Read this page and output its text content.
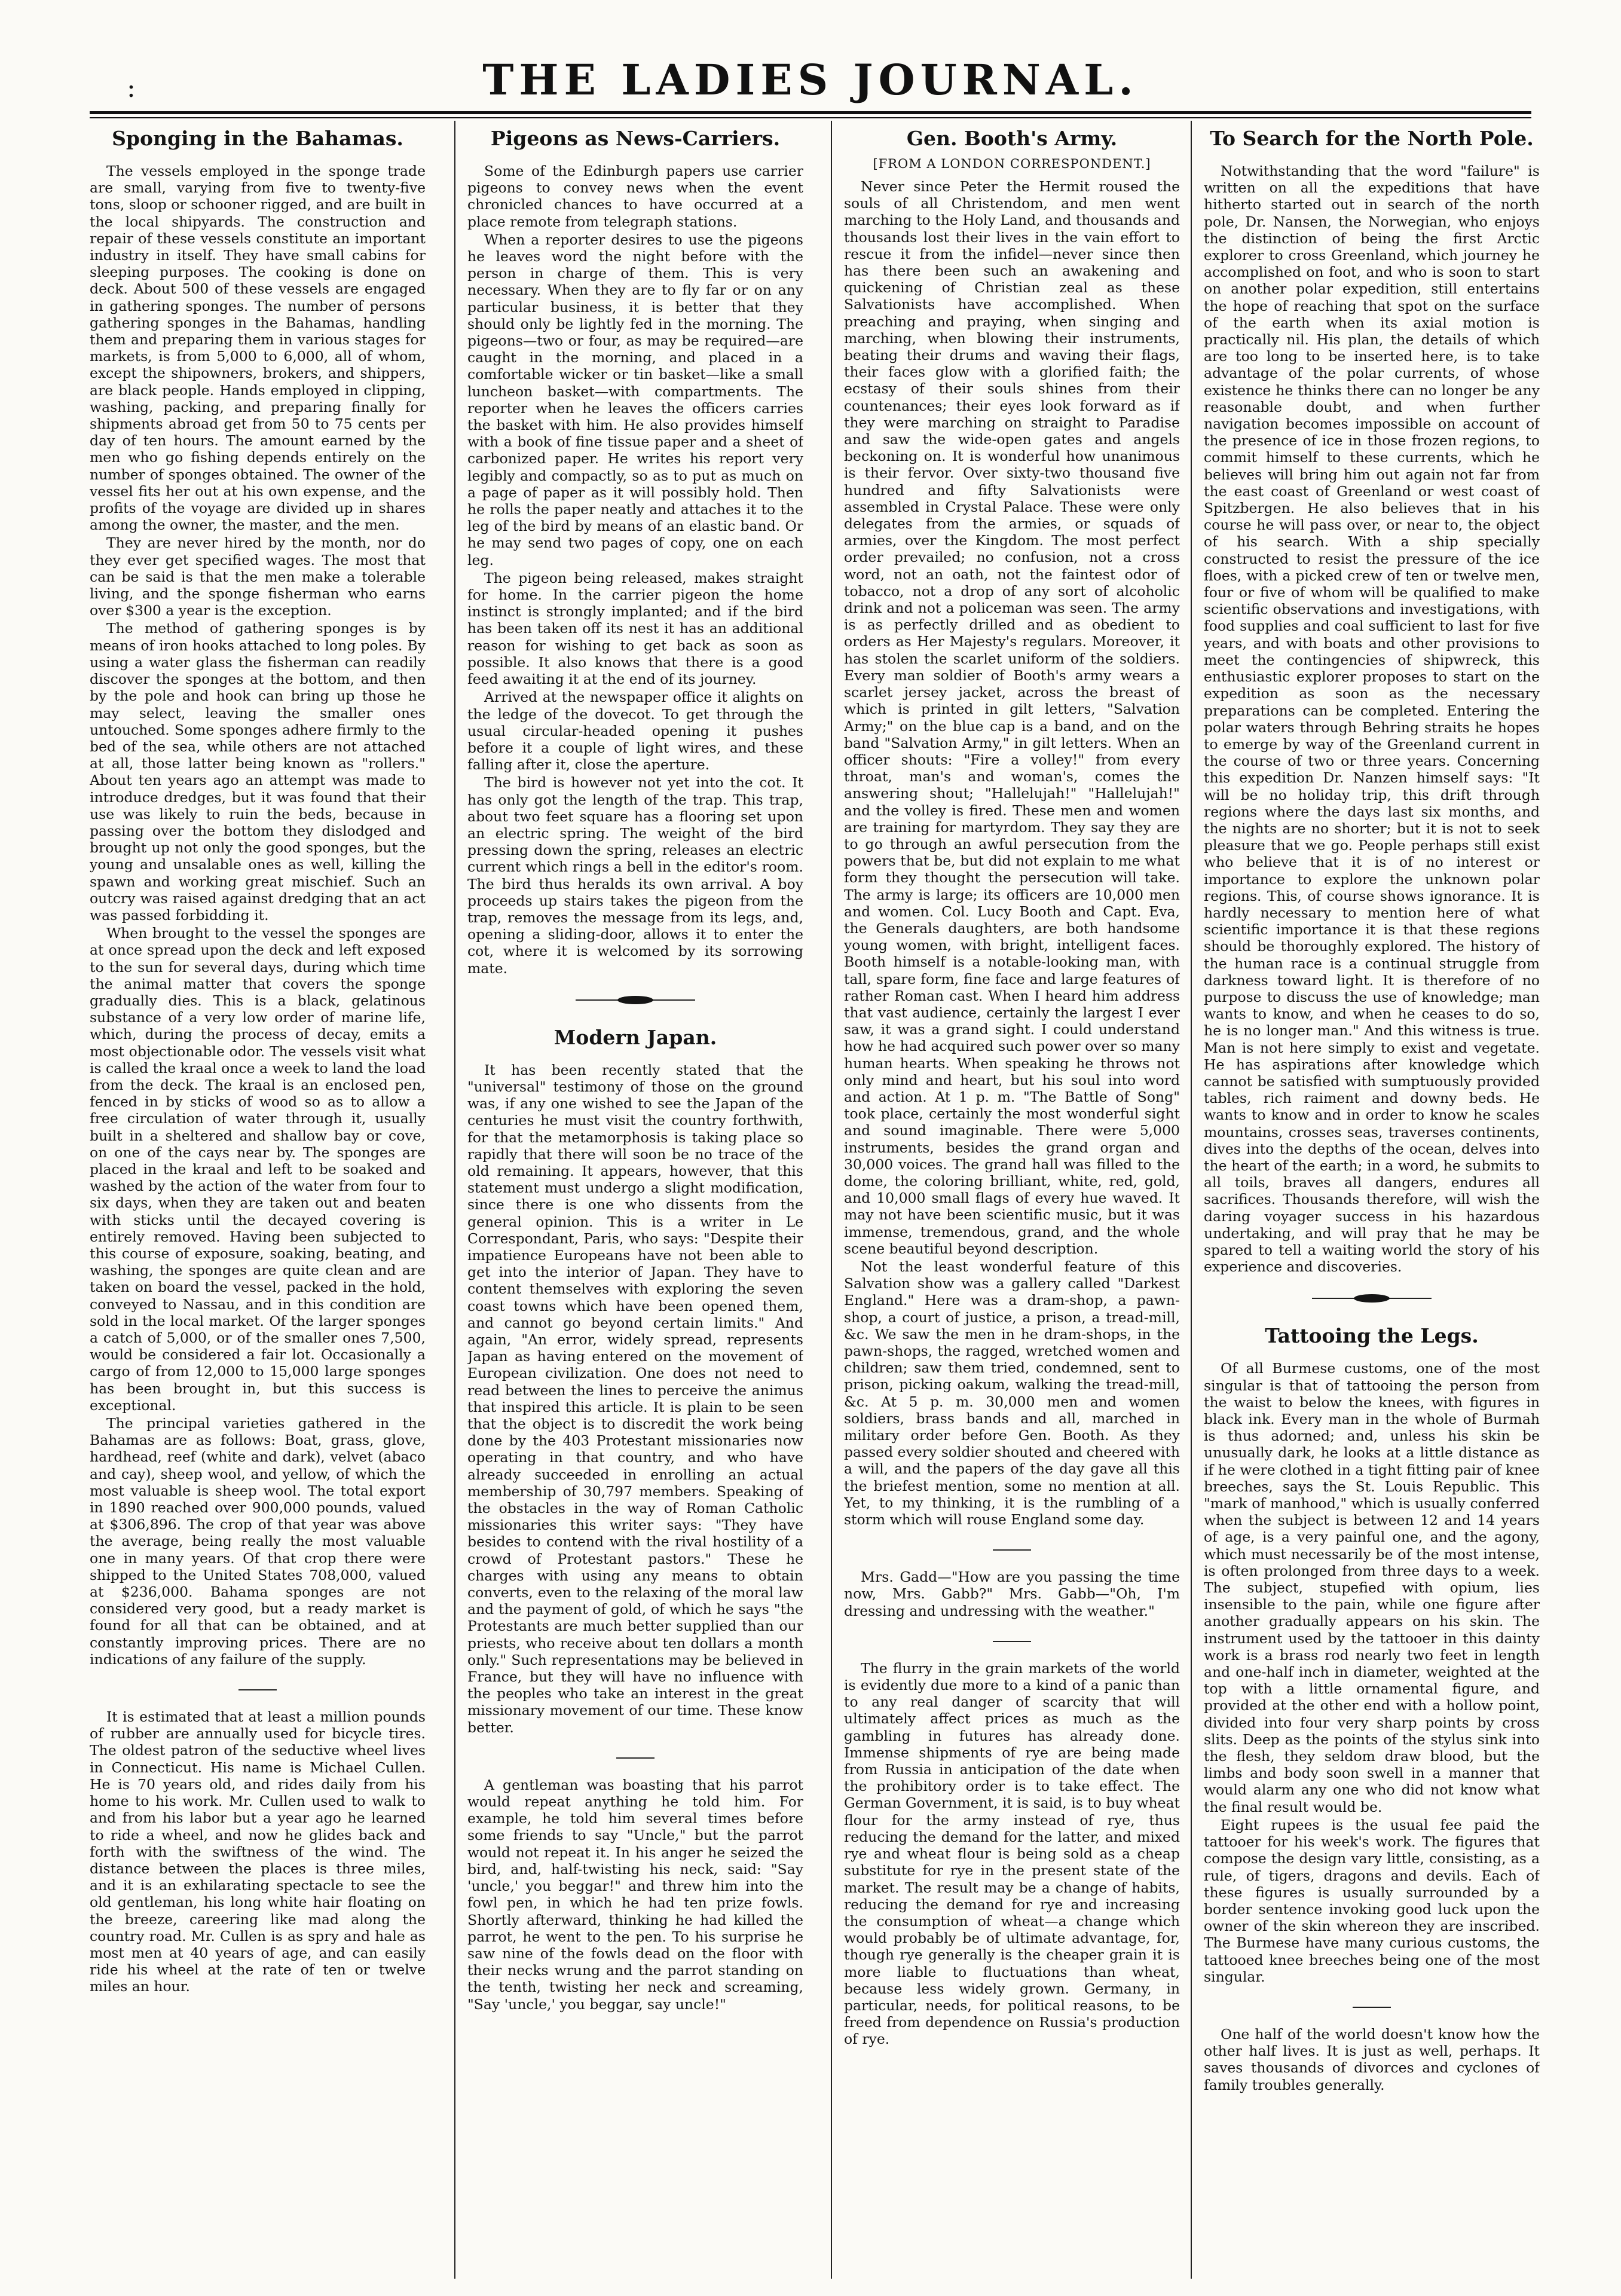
:	THE LADIES JOURNAL.
Sponging in the Bahamas.

The vessels employed in the sponge trade are small, varying from five to twenty-five tons, sloop or schooner rigged, and are built in the local shipyards. The construction and repair of these vessels constitute an important industry in itself. They have small cabins for sleeping purposes. The cooking is done on deck. About 500 of these vessels are engaged in gathering sponges. The number of persons gathering sponges in the Bahamas, handling them and preparing them in various stages for markets, is from 5,000 to 6,000, all of whom, except the shipowners, brokers, and shippers, are black people. Hands employed in clipping, washing, packing, and preparing finally for shipments abroad get from 50 to 75 cents per day of ten hours. The amount earned by the men who go fishing depends entirely on the number of sponges obtained. The owner of the vessel fits her out at his own expense, and the profits of the voyage are divided up in shares among the owner, the master, and the men.

They are never hired by the month, nor do they ever get specified wages. The most that can be said is that the men make a tolerable living, and the sponge fisherman who earns over $300 a year is the exception.

The method of gathering sponges is by means of iron hooks attached to long poles. By using a water glass the fisherman can readily discover the sponges at the bottom, and then by the pole and hook can bring up those he may select, leaving the smaller ones untouched. Some sponges adhere firmly to the bed of the sea, while others are not attached at all, those latter being known as "rollers." About ten years ago an attempt was made to introduce dredges, but it was found that their use was likely to ruin the beds, because in passing over the bottom they dislodged and brought up not only the good sponges, but the young and unsalable ones as well, killing the spawn and working great mischief. Such an outcry was raised against dredging that an act was passed forbidding it.

When brought to the vessel the sponges are at once spread upon the deck and left exposed to the sun for several days, during which time the animal matter that covers the sponge gradually dies. This is a black, gelatinous substance of a very low order of marine life, which, during the process of decay, emits a most objectionable odor. The vessels visit what is called the kraal once a week to land the load from the deck. The kraal is an enclosed pen, fenced in by sticks of wood so as to allow a free circulation of water through it, usually built in a sheltered and shallow bay or cove, on one of the cays near by. The sponges are placed in the kraal and left to be soaked and washed by the action of the water from four to six days, when they are taken out and beaten with sticks until the decayed covering is entirely removed. Having been subjected to this course of exposure, soaking, beating, and washing, the sponges are quite clean and are taken on board the vessel, packed in the hold, conveyed to Nassau, and in this condition are sold in the local market. Of the larger sponges a catch of 5,000, or of the smaller ones 7,500, would be considered a fair lot. Occasionally a cargo of from 12,000 to 15,000 large sponges has been brought in, but this success is exceptional.

The principal varieties gathered in the Bahamas are as follows: Boat, grass, glove, hardhead, reef (white and dark), velvet (abaco and cay), sheep wool, and yellow, of which the most valuable is sheep wool. The total export in 1890 reached over 900,000 pounds, valued at $306,896. The crop of that year was above the average, being really the most valuable one in many years. Of that crop there were shipped to the United States 708,000, valued at $236,000. Bahama sponges are not considered very good, but a ready market is found for all that can be obtained, and at constantly improving prices. There are no indications of any failure of the supply.

It is estimated that at least a million pounds of rubber are annually used for bicycle tires. The oldest patron of the seductive wheel lives in Connecticut. His name is Michael Cullen. He is 70 years old, and rides daily from his home to his work. Mr. Cullen used to walk to and from his labor but a year ago he learned to ride a wheel, and now he glides back and forth with the swiftness of the wind. The distance between the places is three miles, and it is an exhilarating spectacle to see the old gentleman, his long white hair floating on the breeze, careering like mad along the country road. Mr. Cullen is as spry and hale as most men at 40 years of age, and can easily ride his wheel at the rate of ten or twelve miles an hour.

Pigeons as News-Carriers.

Some of the Edinburgh papers use carrier pigeons to convey news when the event chronicled chances to have occurred at a place remote from telegraph stations.

When a reporter desires to use the pigeons he leaves word the night before with the person in charge of them. This is very necessary. When they are to fly far or on any particular business, it is better that they should only be lightly fed in the morning. The pigeons—two or four, as may be required—are caught in the morning, and placed in a comfortable wicker or tin basket—like a small luncheon basket—with compartments. The reporter when he leaves the officers carries the basket with him. He also provides himself with a book of fine tissue paper and a sheet of carbonized paper. He writes his report very legibly and compactly, so as to put as much on a page of paper as it will possibly hold. Then he rolls the paper neatly and attaches it to the leg of the bird by means of an elastic band. Or he may send two pages of copy, one on each leg.

The pigeon being released, makes straight for home. In the carrier pigeon the home instinct is strongly implanted; and if the bird has been taken off its nest it has an additional reason for wishing to get back as soon as possible. It also knows that there is a good feed awaiting it at the end of its journey.

Arrived at the newspaper office it alights on the ledge of the dovecot. To get through the usual circular-headed opening it pushes before it a couple of light wires, and these falling after it, close the aperture.

The bird is however not yet into the cot. It has only got the length of the trap. This trap, about two feet square has a flooring set upon an electric spring. The weight of the bird pressing down the spring, releases an electric current which rings a bell in the editor's room. The bird thus heralds its own arrival. A boy proceeds up stairs takes the pigeon from the trap, removes the message from its legs, and, opening a sliding-door, allows it to enter the cot, where it is welcomed by its sorrowing mate.

Modern Japan.

It has been recently stated that the "universal" testimony of those on the ground was, if any one wished to see the Japan of the centuries he must visit the country forthwith, for that the metamorphosis is taking place so rapidly that there will soon be no trace of the old remaining. It appears, however, that this statement must undergo a slight modification, since there is one who dissents from the general opinion. This is a writer in Le Correspondant, Paris, who says: "Despite their impatience Europeans have not been able to get into the interior of Japan. They have to content themselves with exploring the seven coast towns which have been opened them, and cannot go beyond certain limits." And again, "An error, widely spread, represents Japan as having entered on the movement of European civilization. One does not need to read between the lines to perceive the animus that inspired this article. It is plain to be seen that the object is to discredit the work being done by the 403 Protestant missionaries now operating in that country, and who have already succeeded in enrolling an actual membership of 30,797 members. Speaking of the obstacles in the way of Roman Catholic missionaries this writer says: "They have besides to contend with the rival hostility of a crowd of Protestant pastors." These he charges with using any means to obtain converts, even to the relaxing of the moral law and the payment of gold, of which he says "the Protestants are much better supplied than our priests, who receive about ten dollars a month only." Such representations may be believed in France, but they will have no influence with the peoples who take an interest in the great missionary movement of our time. These know better.

A gentleman was boasting that his parrot would repeat anything he told him. For example, he told him several times before some friends to say "Uncle," but the parrot would not repeat it. In his anger he seized the bird, and, half-twisting his neck, said: "Say 'uncle,' you beggar!" and threw him into the fowl pen, in which he had ten prize fowls. Shortly afterward, thinking he had killed the parrot, he went to the pen. To his surprise he saw nine of the fowls dead on the floor with their necks wrung and the parrot standing on the tenth, twisting her neck and screaming, "Say 'uncle,' you beggar, say uncle!"

Gen. Booth's Army.
[FROM A LONDON CORRESPONDENT.]

Never since Peter the Hermit roused the souls of all Christendom, and men went marching to the Holy Land, and thousands and thousands lost their lives in the vain effort to rescue it from the infidel—never since then has there been such an awakening and quickening of Christian zeal as these Salvationists have accomplished. When preaching and praying, when singing and marching, when blowing their instruments, beating their drums and waving their flags, their faces glow with a glorified faith; the ecstasy of their souls shines from their countenances; their eyes look forward as if they were marching on straight to Paradise and saw the wide-open gates and angels beckoning on. It is wonderful how unanimous is their fervor. Over sixty-two thousand five hundred and fifty Salvationists were assembled in Crystal Palace. These were only delegates from the armies, or squads of armies, over the Kingdom. The most perfect order prevailed; no confusion, not a cross word, not an oath, not the faintest odor of tobacco, not a drop of any sort of alcoholic drink and not a policeman was seen. The army is as perfectly drilled and as obedient to orders as Her Majesty's regulars. Moreover, it has stolen the scarlet uniform of the soldiers. Every man soldier of Booth's army wears a scarlet jersey jacket, across the breast of which is printed in gilt letters, "Salvation Army;" on the blue cap is a band, and on the band "Salvation Army," in gilt letters. When an officer shouts: "Fire a volley!" from every throat, man's and woman's, comes the answering shout; "Hallelujah!" "Hallelujah!" and the volley is fired. These men and women are training for martyrdom. They say they are to go through an awful persecution from the powers that be, but did not explain to me what form they thought the persecution will take. The army is large; its officers are 10,000 men and women. Col. Lucy Booth and Capt. Eva, the Generals daughters, are both handsome young women, with bright, intelligent faces. Booth himself is a notable-looking man, with tall, spare form, fine face and large features of rather Roman cast. When I heard him address that vast audience, certainly the largest I ever saw, it was a grand sight. I could understand how he had acquired such power over so many human hearts. When speaking he throws not only mind and heart, but his soul into word and action. At 1 p. m. "The Battle of Song" took place, certainly the most wonderful sight and sound imaginable. There were 5,000 instruments, besides the grand organ and 30,000 voices. The grand hall was filled to the dome, the coloring brilliant, white, red, gold, and 10,000 small flags of every hue waved. It may not have been scientific music, but it was immense, tremendous, grand, and the whole scene beautiful beyond description.

Not the least wonderful feature of this Salvation show was a gallery called "Darkest England." Here was a dram-shop, a pawn-shop, a court of justice, a prison, a tread-mill, &c. We saw the men in he dram-shops, in the pawn-shops, the ragged, wretched women and children; saw them tried, condemned, sent to prison, picking oakum, walking the tread-mill, &c. At 5 p. m. 30,000 men and women soldiers, brass bands and all, marched in military order before Gen. Booth. As they passed every soldier shouted and cheered with a will, and the papers of the day gave all this the briefest mention, some no mention at all. Yet, to my thinking, it is the rumbling of a storm which will rouse England some day.

Mrs. Gadd—"How are you passing the time now, Mrs. Gabb?" Mrs. Gabb—"Oh, I'm dressing and undressing with the weather."

The flurry in the grain markets of the world is evidently due more to a kind of a panic than to any real danger of scarcity that will ultimately affect prices as much as the gambling in futures has already done. Immense shipments of rye are being made from Russia in anticipation of the date when the prohibitory order is to take effect. The German Government, it is said, is to buy wheat flour for the army instead of rye, thus reducing the demand for the latter, and mixed rye and wheat flour is being sold as a cheap substitute for rye in the present state of the market. The result may be a change of habits, reducing the demand for rye and increasing the consumption of wheat—a change which would probably be of ultimate advantage, for, though rye generally is the cheaper grain it is more liable to fluctuations than wheat, because less widely grown. Germany, in particular, needs, for political reasons, to be freed from dependence on Russia's production of rye.

To Search for the North Pole.

Notwithstanding that the word "failure" is written on all the expeditions that have hitherto started out in search of the north pole, Dr. Nansen, the Norwegian, who enjoys the distinction of being the first Arctic explorer to cross Greenland, which journey he accomplished on foot, and who is soon to start on another polar expedition, still entertains the hope of reaching that spot on the surface of the earth when its axial motion is practically nil. His plan, the details of which are too long to be inserted here, is to take advantage of the polar currents, of whose existence he thinks there can no longer be any reasonable doubt, and when further navigation becomes impossible on account of the presence of ice in those frozen regions, to commit himself to these currents, which he believes will bring him out again not far from the east coast of Greenland or west coast of Spitzbergen. He also believes that in his course he will pass over, or near to, the object of his search. With a ship specially constructed to resist the pressure of the ice floes, with a picked crew of ten or twelve men, four or five of whom will be qualified to make scientific observations and investigations, with food supplies and coal sufficient to last for five years, and with boats and other provisions to meet the contingencies of shipwreck, this enthusiastic explorer proposes to start on the expedition as soon as the necessary preparations can be completed. Entering the polar waters through Behring straits he hopes to emerge by way of the Greenland current in the course of two or three years. Concerning this expedition Dr. Nanzen himself says: "It will be no holiday trip, this drift through regions where the days last six months, and the nights are no shorter; but it is not to seek pleasure that we go. People perhaps still exist who believe that it is of no interest or importance to explore the unknown polar regions. This, of course shows ignorance. It is hardly necessary to mention here of what scientific importance it is that these regions should be thoroughly explored. The history of the human race is a continual struggle from darkness toward light. It is therefore of no purpose to discuss the use of knowledge; man wants to know, and when he ceases to do so, he is no longer man." And this witness is true. Man is not here simply to exist and vegetate. He has aspirations after knowledge which cannot be satisfied with sumptuously provided tables, rich raiment and downy beds. He wants to know and in order to know he scales mountains, crosses seas, traverses continents, dives into the depths of the ocean, delves into the heart of the earth; in a word, he submits to all toils, braves all dangers, endures all sacrifices. Thousands therefore, will wish the daring voyager success in his hazardous undertaking, and will pray that he may be spared to tell a waiting world the story of his experience and discoveries.

Tattooing the Legs.

Of all Burmese customs, one of the most singular is that of tattooing the person from the waist to below the knees, with figures in black ink. Every man in the whole of Burmah is thus adorned; and, unless his skin be unusually dark, he looks at a little distance as if he were clothed in a tight fitting pair of knee breeches, says the St. Louis Republic. This "mark of manhood," which is usually conferred when the subject is between 12 and 14 years of age, is a very painful one, and the agony, which must necessarily be of the most intense, is often prolonged from three days to a week. The subject, stupefied with opium, lies insensible to the pain, while one figure after another gradually appears on his skin. The instrument used by the tattooer in this dainty work is a brass rod nearly two feet in length and one-half inch in diameter, weighted at the top with a little ornamental figure, and provided at the other end with a hollow point, divided into four very sharp points by cross slits. Deep as the points of the stylus sink into the flesh, they seldom draw blood, but the limbs and body soon swell in a manner that would alarm any one who did not know what the final result would be.

Eight rupees is the usual fee paid the tattooer for his week's work. The figures that compose the design vary little, consisting, as a rule, of tigers, dragons and devils. Each of these figures is usually surrounded by a border sentence invoking good luck upon the owner of the skin whereon they are inscribed. The Burmese have many curious customs, the tattooed knee breeches being one of the most singular.

One half of the world doesn't know how the other half lives. It is just as well, perhaps. It saves thousands of divorces and cyclones of family troubles generally.
